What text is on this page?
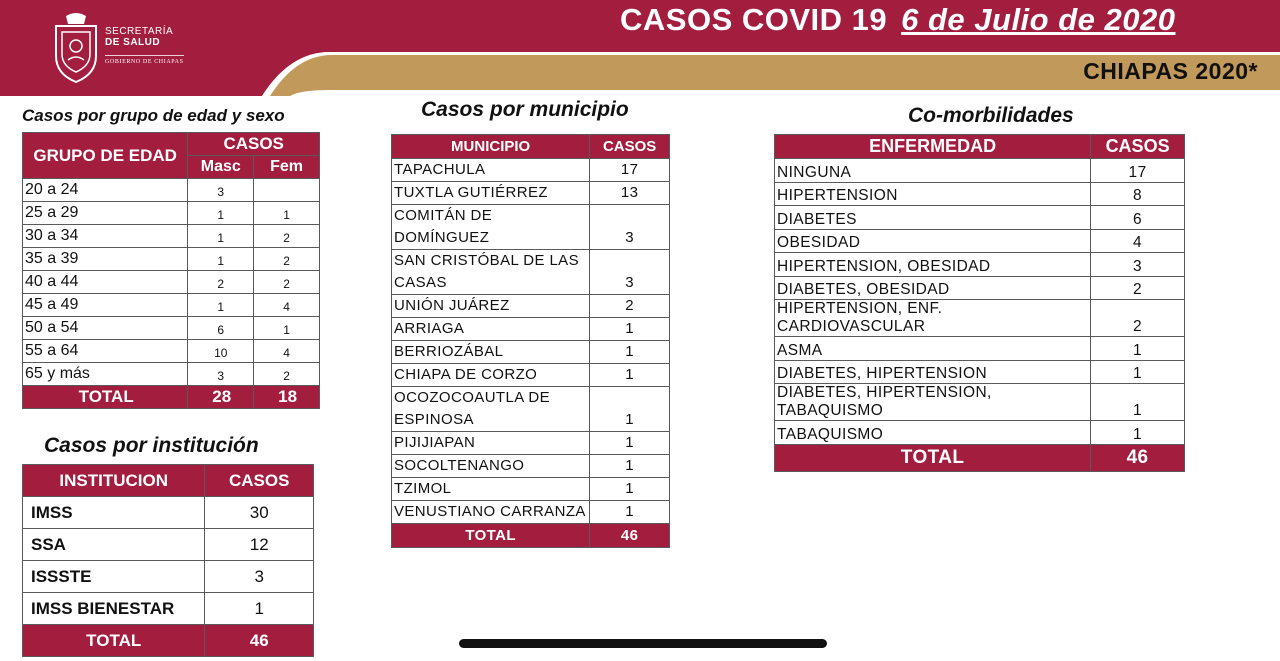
SECRETARÍA
DE SALUD
GOBIERNO DE CHIAPAS
CASOS COVID 19 6 de Julio de 2020
CHIAPAS 2020*
Casos por grupo de edad y sexo
GRUPO DE EDAD	CASOS	
	Masc	Fem
20 a 24	3	
25 a 29	1	1
30 a 34	1	2
35 a 39	1	2
40 a 44	2	2
45 a 49	1	4
50 a 54	6	1
55 a 64	10	4
65 y más	3	2
TOTAL	28	18
Casos por institución
INSTITUCION	CASOS
IMSS	30
SSA	12
ISSSTE	3
IMSS BIENESTAR	1
TOTAL	46
Casos por municipio
MUNICIPIO	CASOS

TAPACHULA	17

TUXTLA GUTIÉRREZ	13

COMITÁN DE
DOMÍNGUEZ	3

SAN CRISTÓBAL DE LAS
CASAS	3

UNIÓN JUÁREZ	2

ARRIAGA	1

BERRIOZÁBAL	1

CHIAPA DE CORZO	1

OCOZOCOAUTLA DE
ESPINOSA	1

PIJIJIAPAN	1

SOCOLTENANGO	1

TZIMOL	1

VENUSTIANO CARRANZA	1
TOTAL	46
Co-morbilidades
ENFERMEDAD	CASOS
NINGUNA	17
HIPERTENSION	8
DIABETES	6
OBESIDAD	4
HIPERTENSION, OBESIDAD	3
DIABETES, OBESIDAD	2
HIPERTENSION, ENF. CARDIOVASCULAR	2
ASMA	1
DIABETES, HIPERTENSION	1
DIABETES, HIPERTENSION, TABAQUISMO	1
TABAQUISMO	1
TOTAL	46
